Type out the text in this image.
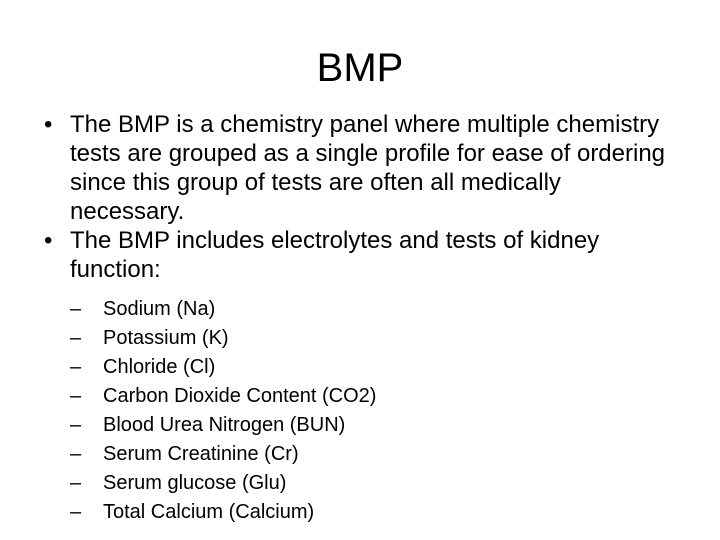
BMP
• The BMP is a chemistry panel where multiple chemistry tests are grouped as a single profile for ease of ordering since this group of tests are often all medically necessary.
• The BMP includes electrolytes and tests of kidney function:
–	Sodium (Na)
–	Potassium (K)
–	Chloride (Cl)
–	Carbon Dioxide Content (CO2)
–	Blood Urea Nitrogen (BUN)
–	Serum Creatinine (Cr)
–	Serum glucose (Glu)
–	Total Calcium (Calcium)
